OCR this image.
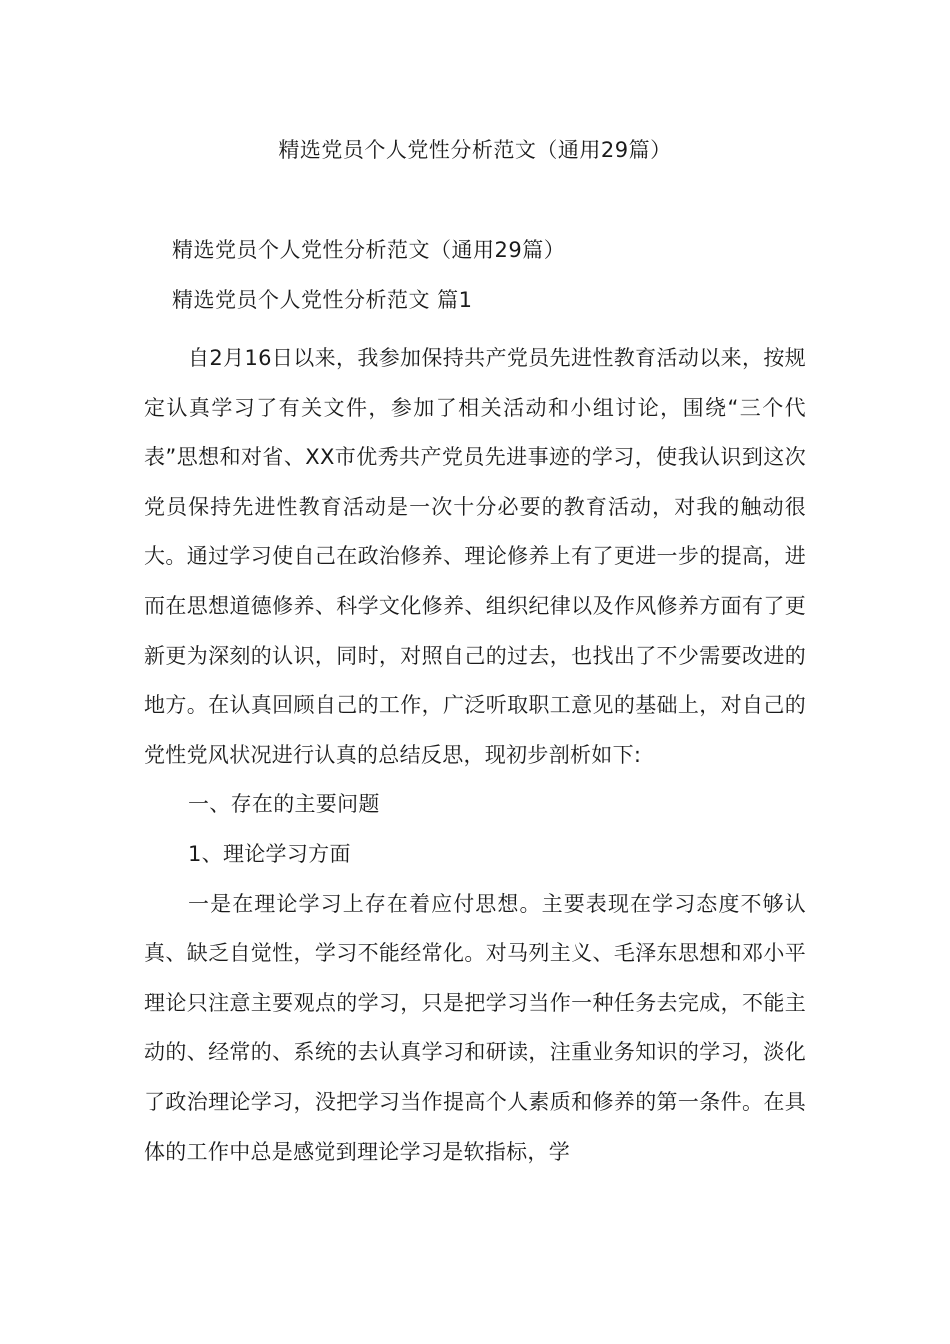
精选党员个人党性分析范文（通用29篇）
精选党员个人党性分析范文（通用29篇）
精选党员个人党性分析范文 篇1

自2月16日以来，我参加保持共产党员先进性教育活动以来，按规定认真学习了有关文件，参加了相关活动和小组讨论，围绕“三个代表”思想和对省、XX市优秀共产党员先进事迹的学习，使我认识到这次党员保持先进性教育活动是一次十分必要的教育活动，对我的触动很大。通过学习使自己在政治修养、理论修养上有了更进一步的提高，进而在思想道德修养、科学文化修养、组织纪律以及作风修养方面有了更新更为深刻的认识，同时，对照自己的过去，也找出了不少需要改进的地方。在认真回顾自己的工作，广泛听取职工意见的基础上，对自己的党性党风状况进行认真的总结反思，现初步剖析如下:

一、存在的主要问题

1、理论学习方面

一是在理论学习上存在着应付思想。主要表现在学习态度不够认真、缺乏自觉性，学习不能经常化。对马列主义、毛泽东思想和邓小平理论只注意主要观点的学习，只是把学习当作一种任务去完成，不能主动的、经常的、系统的去认真学习和研读，注重业务知识的学习，淡化了政治理论学习，没把学习当作提高个人素质和修养的第一条件。在具体的工作中总是感觉到理论学习是软指标，学
